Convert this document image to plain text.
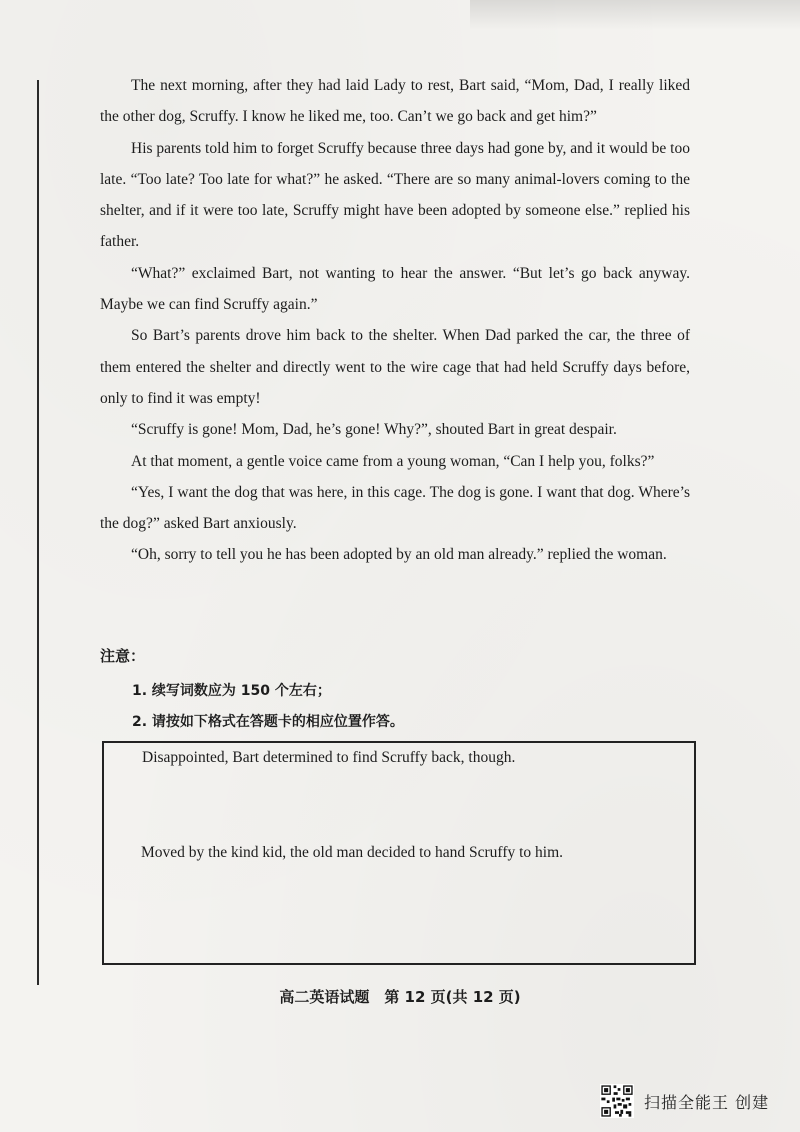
The next morning, after they had laid Lady to rest, Bart said, “Mom, Dad, I really liked the other dog, Scruffy. I know he liked me, too. Can’t we go back and get him?”

His parents told him to forget Scruffy because three days had gone by, and it would be too late. “Too late? Too late for what?” he asked. “There are so many animal-lovers coming to the shelter, and if it were too late, Scruffy might have been adopted by someone else.” replied his father.

“What?” exclaimed Bart, not wanting to hear the answer. “But let’s go back anyway. Maybe we can find Scruffy again.”

So Bart’s parents drove him back to the shelter. When Dad parked the car, the three of them entered the shelter and directly went to the wire cage that had held Scruffy days before, only to find it was empty!

“Scruffy is gone! Mom, Dad, he’s gone! Why?”, shouted Bart in great despair.

At that moment, a gentle voice came from a young woman, “Can I help you, folks?”

“Yes, I want the dog that was here, in this cage. The dog is gone. I want that dog. Where’s the dog?” asked Bart anxiously.

“Oh, sorry to tell you he has been adopted by an old man already.” replied the woman.

注意：
1. 续写词数应为 150 个左右；
2. 请按如下格式在答题卡的相应位置作答。
Disappointed, Bart determined to find Scruffy back, though.
Moved by the kind kid, the old man decided to hand Scruffy to him.
高二英语试题　第 12 页(共 12 页)
扫描全能王 创建
